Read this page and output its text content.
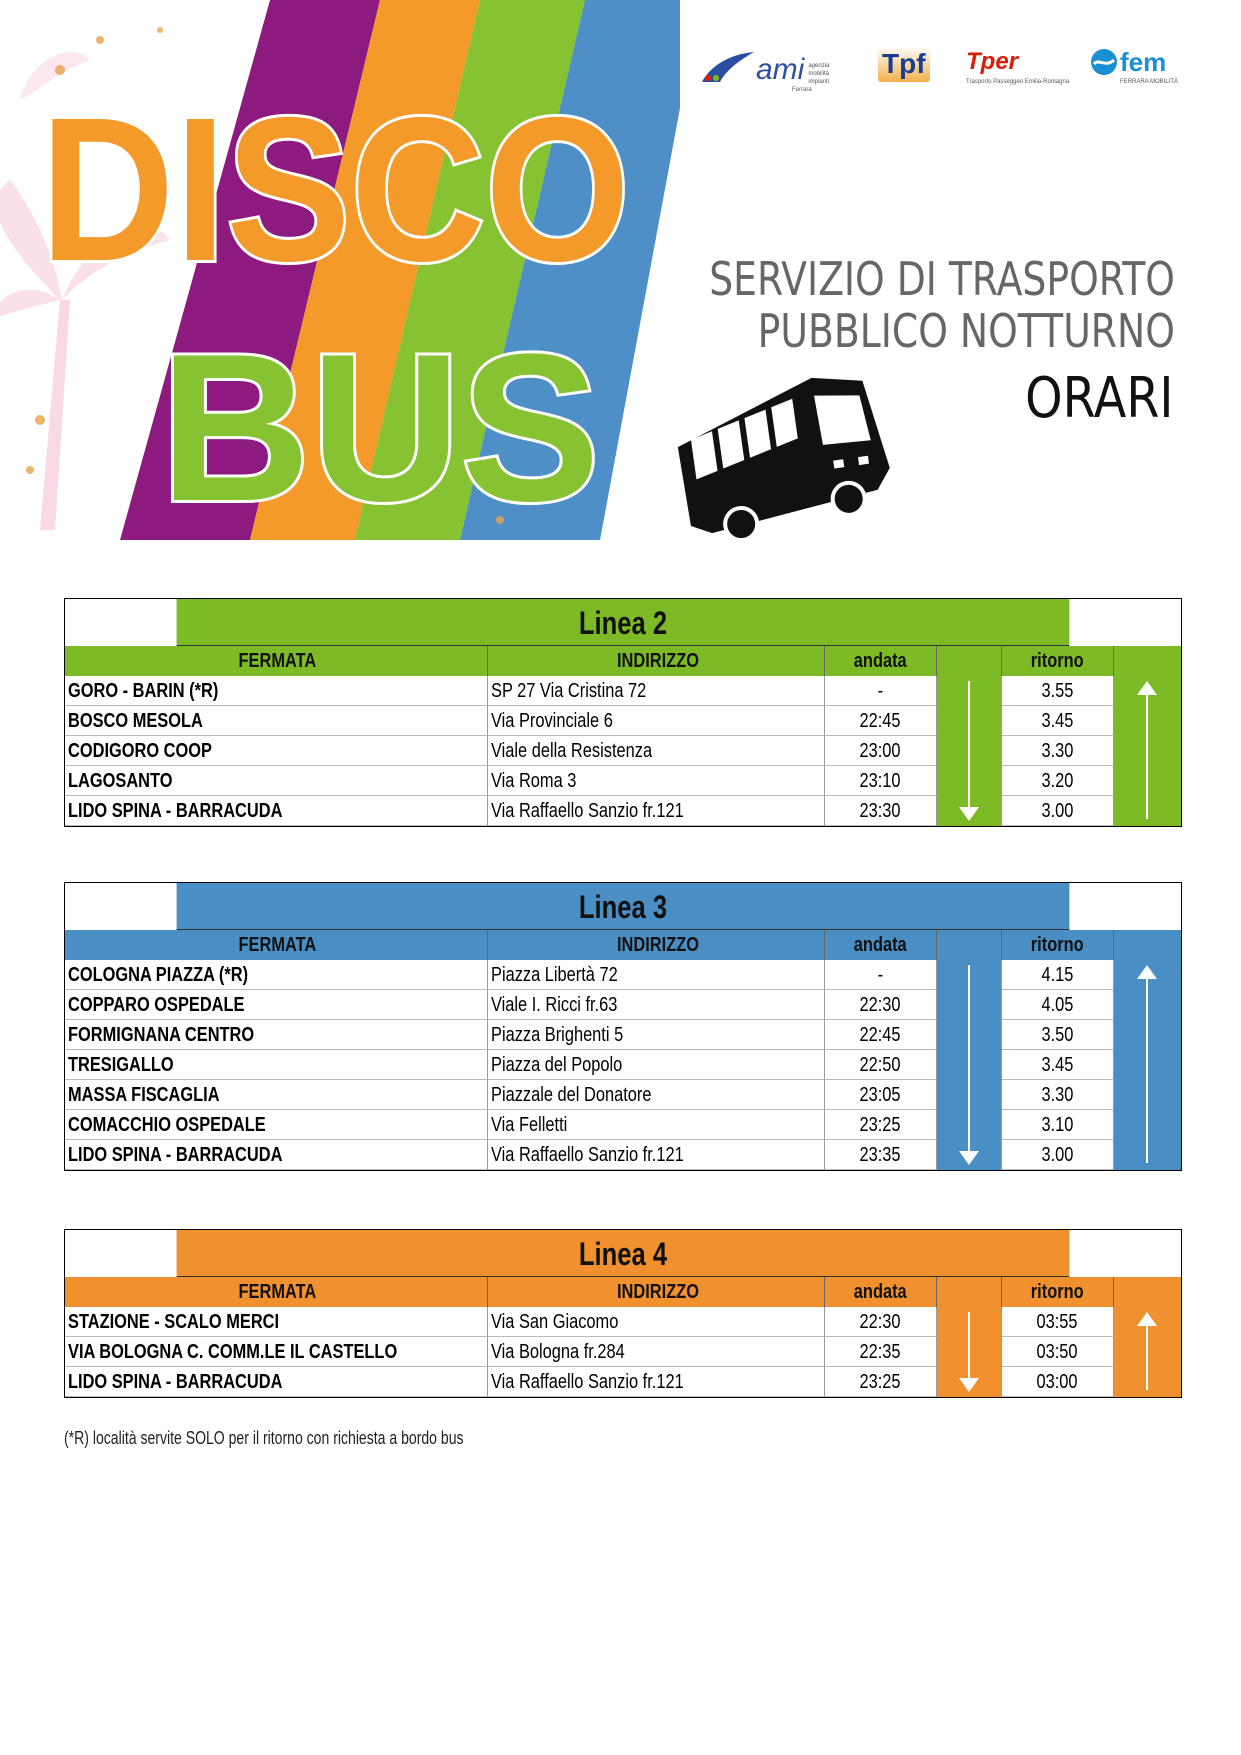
DISCO
BUS
ami agenzia mobilità impianti
Ferrara
Tpf Tper
Trasporto Passeggeri Emilia-Romagna
fem
FERRARA MOBILITÀ
SERVIZIO DI TRASPORTO
PUBBLICO NOTTURNO
ORARI
Linea 2
FERMATA	INDIRIZZO	andata	ritorno
GORO - BARIN (*R)	SP 27 Via Cristina 72	-	3.55
BOSCO MESOLA	Via Provinciale 6	22:45	3.45
CODIGORO COOP	Viale della Resistenza	23:00	3.30
LAGOSANTO	Via Roma 3	23:10	3.20
LIDO SPINA - BARRACUDA	Via Raffaello Sanzio fr.121	23:30	3.00
Linea 3
FERMATA	INDIRIZZO	andata	ritorno
COLOGNA PIAZZA (*R)	Piazza Libertà 72	-	4.15
COPPARO OSPEDALE	Viale I. Ricci fr.63	22:30	4.05
FORMIGNANA CENTRO	Piazza Brighenti 5	22:45	3.50
TRESIGALLO	Piazza del Popolo	22:50	3.45
MASSA FISCAGLIA	Piazzale del Donatore	23:05	3.30
COMACCHIO OSPEDALE	Via Felletti	23:25	3.10
LIDO SPINA - BARRACUDA	Via Raffaello Sanzio fr.121	23:35	3.00
Linea 4
FERMATA	INDIRIZZO	andata	ritorno
STAZIONE - SCALO MERCI	Via San Giacomo	22:30	03:55
VIA BOLOGNA C. COMM.LE IL CASTELLO	Via Bologna fr.284	22:35	03:50
LIDO SPINA - BARRACUDA	Via Raffaello Sanzio fr.121	23:25	03:00
(*R) località servite SOLO per il ritorno con richiesta a bordo bus
